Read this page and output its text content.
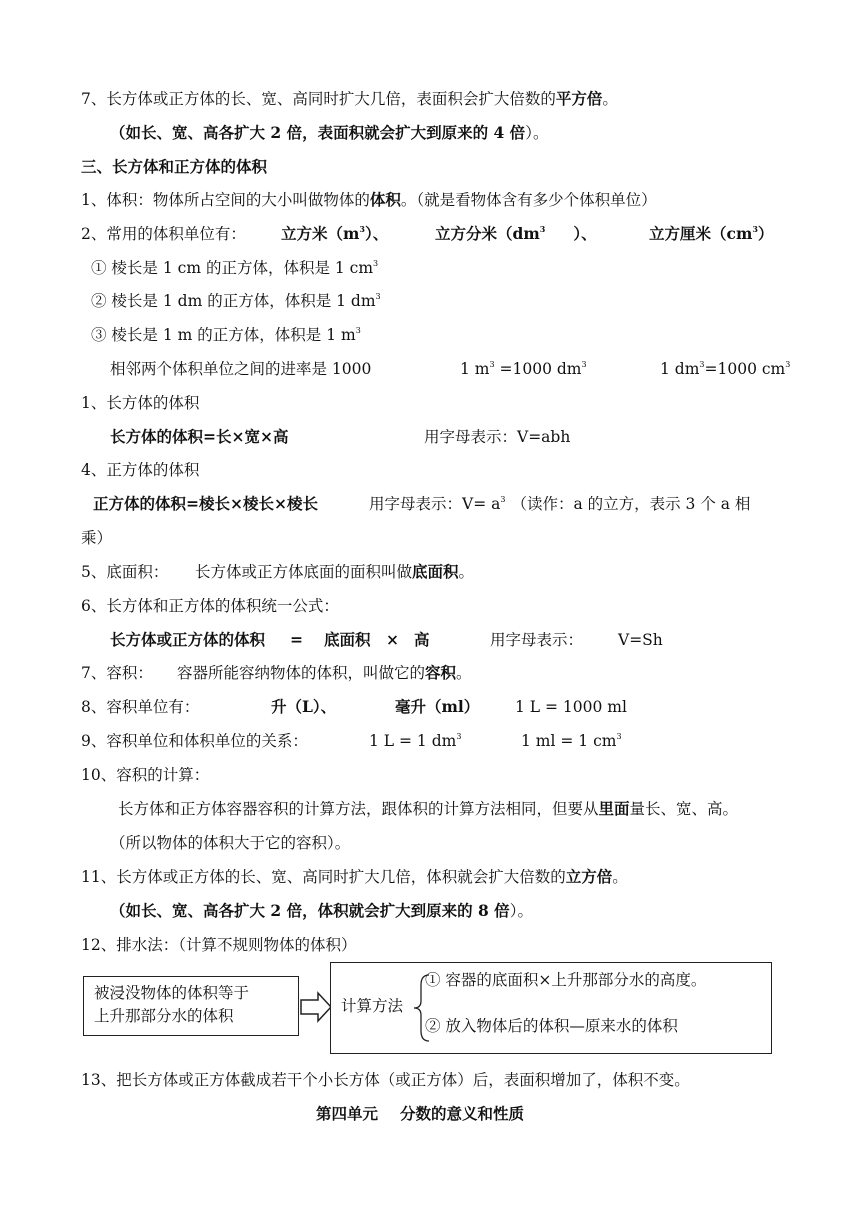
7、长方体或正方体的长、宽、高同时扩大几倍，表面积会扩大倍数的平方倍。
（如长、宽、高各扩大 2 倍，表面积就会扩大到原来的 4 倍）。
三、长方体和正方体的体积
1、体积：物体所占空间的大小叫做物体的体积。（就是看物体含有多少个体积单位）
2、常用的体积单位有： 立方米$(m^3)$、	立方分米（$dm^3$ ）、	立方厘米$(cm^3)$
① 棱长是 1 cm 的正方体，体积是 1 $cm^3$
② 棱长是 1 dm 的正方体，体积是 1 $dm^3$
③ 棱长是 1 m 的正方体，体积是 1 $m^3$
相邻两个体积单位之间的进率是 1000	1 $m^3 =1000$ $dm^3$	1 $dm^3=1000$ $cm^3$
1、长方体的体积
长方体的体积=长×宽×高	用字母表示：V=abh
4、正方体的体积
正方体的体积=棱长×棱长×棱长	用字母表示：$V= a^3$ （读作：a 的立方，表示 3 个 a 相
乘）
5、底面积： 长方体或正方体底面的面积叫做底面积。
6、长方体和正方体的体积统一公式：
长方体或正方体的体积 = 底面积 × 高	用字母表示： V=Sh
7、容积： 容器所能容纳物体的体积，叫做它的容积。
8、容积单位有：	升（L）、	毫升（ml） 1 L = 1000 ml
9、容积单位和体积单位的关系：	1 L = 1 $dm^3$	1 ml = 1 $cm^3$
10、容积的计算：
长方体和正方体容器容积的计算方法，跟体积的计算方法相同，但要从里面量长、宽、高。
（所以物体的体积大于它的容积）。
11、长方体或正方体的长、宽、高同时扩大几倍，体积就会扩大倍数的立方倍。
（如长、宽、高各扩大 2 倍，体积就会扩大到原来的 8 倍）。
12、排水法：（计算不规则物体的体积）
被浸没物体的体积等于
上升那部分水的体积
计算方法
① 容器的底面积×上升那部分水的高度。
② 放入物体后的体积—原来水的体积
13、把长方体或正方体截成若干个小长方体（或正方体）后，表面积增加了，体积不变。
第四单元 分数的意义和性质
